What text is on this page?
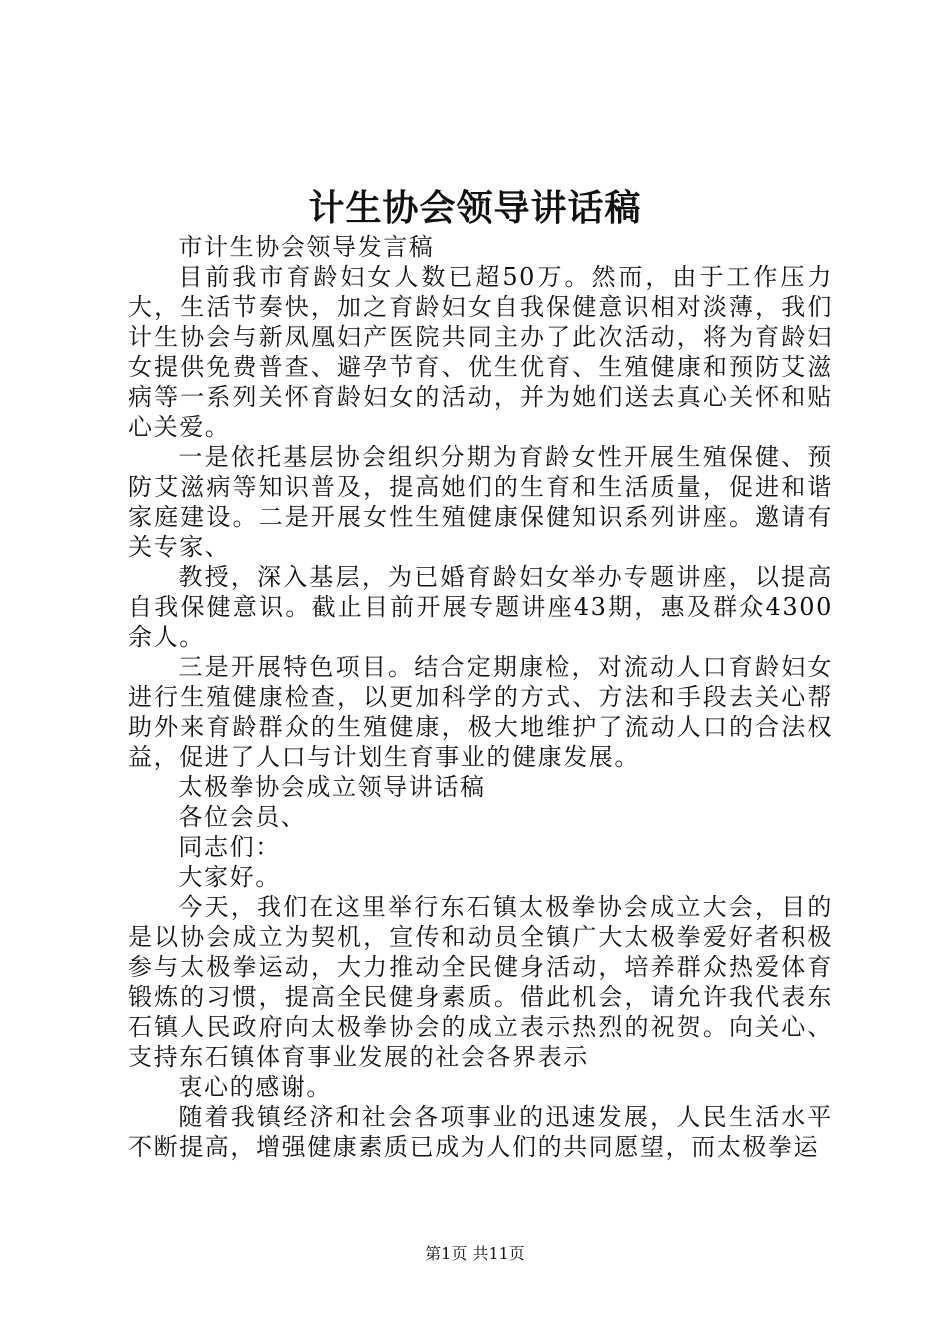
计生协会领导讲话稿

市计生协会领导发言稿

目前我市育龄妇女人数已超50万。然而，由于工作压力大，生活节奏快，加之育龄妇女自我保健意识相对淡薄，我们计生协会与新凤凰妇产医院共同主办了此次活动，将为育龄妇女提供免费普查、避孕节育、优生优育、生殖健康和预防艾滋病等一系列关怀育龄妇女的活动，并为她们送去真心关怀和贴心关爱。

一是依托基层协会组织分期为育龄女性开展生殖保健、预防艾滋病等知识普及，提高她们的生育和生活质量，促进和谐家庭建设。二是开展女性生殖健康保健知识系列讲座。邀请有关专家、

教授，深入基层，为已婚育龄妇女举办专题讲座，以提高自我保健意识。截止目前开展专题讲座43期，惠及群众4300余人。

三是开展特色项目。结合定期康检，对流动人口育龄妇女进行生殖健康检查，以更加科学的方式、方法和手段去关心帮助外来育龄群众的生殖健康，极大地维护了流动人口的合法权益，促进了人口与计划生育事业的健康发展。

太极拳协会成立领导讲话稿

各位会员、

同志们：

大家好。

今天，我们在这里举行东石镇太极拳协会成立大会，目的是以协会成立为契机，宣传和动员全镇广大太极拳爱好者积极参与太极拳运动，大力推动全民健身活动，培养群众热爱体育锻炼的习惯，提高全民健身素质。借此机会，请允许我代表东石镇人民政府向太极拳协会的成立表示热烈的祝贺。向关心、支持东石镇体育事业发展的社会各界表示

衷心的感谢。

随着我镇经济和社会各项事业的迅速发展，人民生活水平不断提高，增强健康素质已成为人们的共同愿望，而太极拳运

第1页 共11页
